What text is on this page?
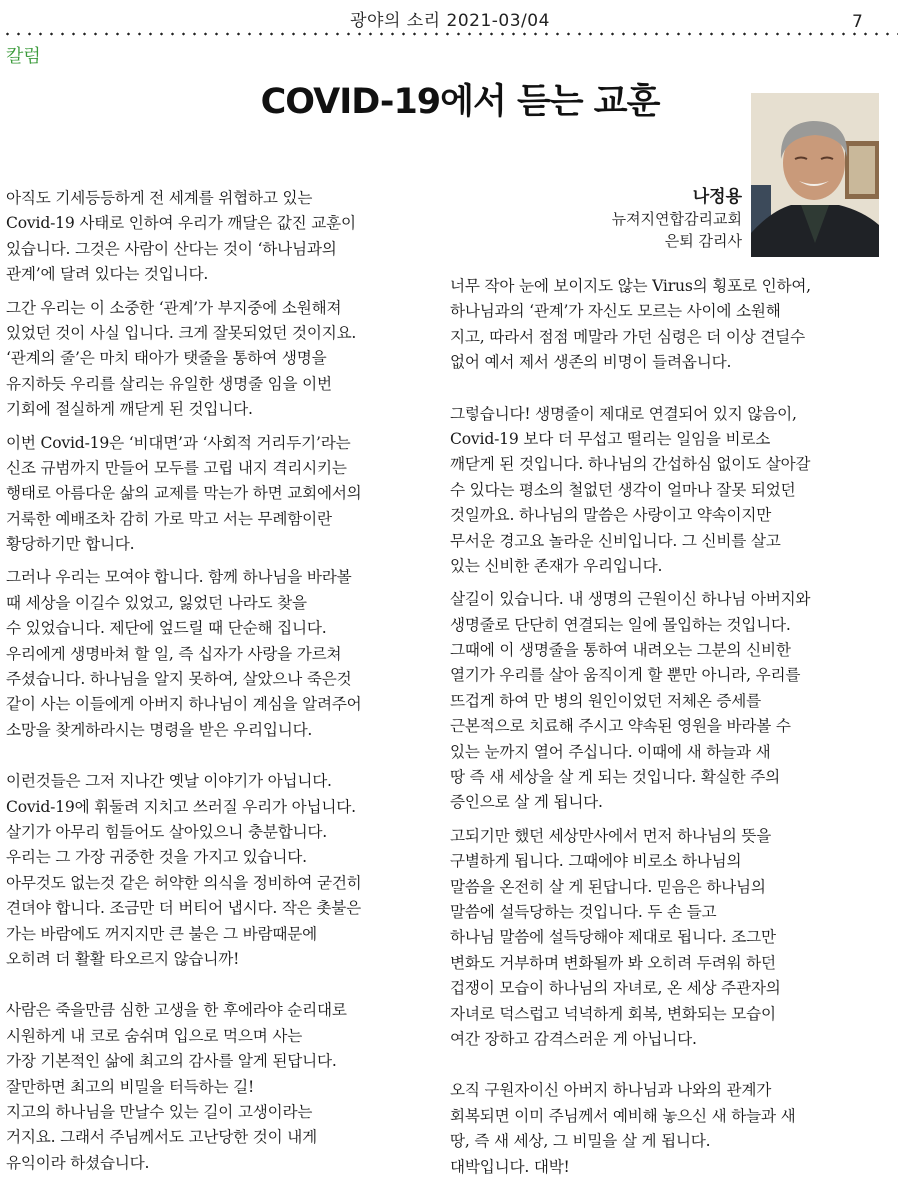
광야의 소리 2021-03/04	7
칼럼
COVID-19에서 듣는 교훈
나정용
뉴져지연합감리교회
은퇴 감리사
아직도 기세등등하게 전 세계를 위협하고 있는
Covid-19 사태로 인하여 우리가 깨달은 값진 교훈이
있습니다. 그것은 사람이 산다는 것이 ‘하나님과의
관계’에 달려 있다는 것입니다.
그간 우리는 이 소중한 ‘관계’가 부지중에 소원해져
있었던 것이 사실 입니다. 크게 잘못되었던 것이지요.
‘관계의 줄’은 마치 태아가 탯줄을 통하여 생명을
유지하듯 우리를 살리는 유일한 생명줄 임을 이번
기회에 절실하게 깨닫게 된 것입니다.
이번 Covid-19은 ‘비대면’과 ‘사회적 거리두기’라는
신조 규범까지 만들어 모두를 고립 내지 격리시키는
행태로 아름다운 삶의 교제를 막는가 하면 교회에서의
거룩한 예배조차 감히 가로 막고 서는 무례함이란
황당하기만 합니다.
그러나 우리는 모여야 합니다. 함께 하나님을 바라볼
때 세상을 이길수 있었고, 잃었던 나라도 찾을
수 있었습니다. 제단에 엎드릴 때 단순해 집니다.
우리에게 생명바쳐 할 일, 즉 십자가 사랑을 가르쳐
주셨습니다. 하나님을 알지 못하여, 살았으나 죽은것
같이 사는 이들에게 아버지 하나님이 계심을 알려주어
소망을 찾게하라시는 명령을 받은 우리입니다.
이런것들은 그저 지나간 옛날 이야기가 아닙니다.
Covid-19에 휘둘려 지치고 쓰러질 우리가 아닙니다.
살기가 아무리 힘들어도 살아있으니 충분합니다.
우리는 그 가장 귀중한 것을 가지고 있습니다.
아무것도 없는것 같은 허약한 의식을 정비하여 굳건히
견뎌야 합니다. 조금만 더 버티어 냅시다. 작은 촛불은
가는 바람에도 꺼지지만 큰 불은 그 바람때문에
오히려 더 활활 타오르지 않습니까!
사람은 죽을만큼 심한 고생을 한 후에라야 순리대로
시원하게 내 코로 숨쉬며 입으로 먹으며 사는
가장 기본적인 삶에 최고의 감사를 알게 된답니다.
잘만하면 최고의 비밀을 터득하는 길!
지고의 하나님을 만날수 있는 길이 고생이라는
거지요. 그래서 주님께서도 고난당한 것이 내게
유익이라 하셨습니다.
너무 작아 눈에 보이지도 않는 Virus의 횡포로 인하여,
하나님과의 ‘관계’가 자신도 모르는 사이에 소원해
지고, 따라서 점점 메말라 가던 심령은 더 이상 견딜수
없어 예서 제서 생존의 비명이 들려옵니다.
그렇습니다! 생명줄이 제대로 연결되어 있지 않음이,
Covid-19 보다 더 무섭고 떨리는 일임을 비로소
깨닫게 된 것입니다. 하나님의 간섭하심 없이도 살아갈
수 있다는 평소의 철없던 생각이 얼마나 잘못 되었던
것일까요. 하나님의 말씀은 사랑이고 약속이지만
무서운 경고요 놀라운 신비입니다. 그 신비를 살고
있는 신비한 존재가 우리입니다.
살길이 있습니다. 내 생명의 근원이신 하나님 아버지와
생명줄로 단단히 연결되는 일에 몰입하는 것입니다.
그때에 이 생명줄을 통하여 내려오는 그분의 신비한
열기가 우리를 살아 움직이게 할 뿐만 아니라, 우리를
뜨겁게 하여 만 병의 원인이었던 저체온 증세를
근본적으로 치료해 주시고 약속된 영원을 바라볼 수
있는 눈까지 열어 주십니다. 이때에 새 하늘과 새
땅 즉 새 세상을 살 게 되는 것입니다. 확실한 주의
증인으로 살 게 됩니다.
고되기만 했던 세상만사에서 먼저 하나님의 뜻을
구별하게 됩니다. 그때에야 비로소 하나님의
말씀을 온전히 살 게 된답니다. 믿음은 하나님의
말씀에 설득당하는 것입니다. 두 손 들고
하나님 말씀에 설득당해야 제대로 됩니다. 조그만
변화도 거부하며 변화될까 봐 오히려 두려워 하던
겁쟁이 모습이 하나님의 자녀로, 온 세상 주관자의
자녀로 덕스럽고 넉넉하게 회복, 변화되는 모습이
여간 장하고 감격스러운 게 아닙니다.
오직 구원자이신 아버지 하나님과 나와의 관계가
회복되면 이미 주님께서 예비해 놓으신 새 하늘과 새
땅, 즉 새 세상, 그 비밀을 살 게 됩니다.
대박입니다. 대박!
